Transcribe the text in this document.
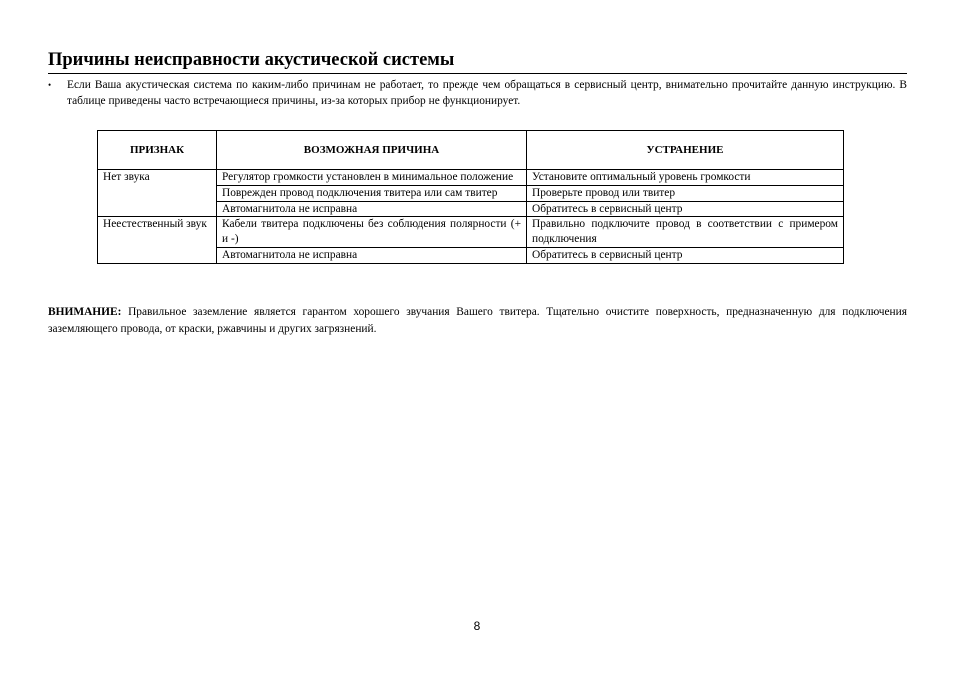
Причины неисправности акустической системы
• Если Ваша акустическая система по каким-либо причинам не работает, то прежде чем обращаться в сервисный центр, внимательно прочитайте данную инструкцию. В таблице приведены часто встречающиеся причины, из-за которых прибор не функционирует.
ПРИЗНАК	ВОЗМОЖНАЯ ПРИЧИНА	УСТРАНЕНИЕ
Нет звука	Регулятор громкости установлен в минимальное положение	Установите оптимальный уровень громкости
	Поврежден провод подключения твитера или сам твитер	Проверьте провод или твитер
	Автомагнитола не исправна	Обратитесь в сервисный центр
Неестественный звук	Кабели твитера подключены без соблюдения полярности (+ и -)	Правильно подключите провод в соответствии с примером подключения
	Автомагнитола не исправна	Обратитесь в сервисный центр
ВНИМАНИЕ: Правильное заземление является гарантом хорошего звучания Вашего твитера. Тщательно очистите поверхность, предназначенную для подключения заземляющего провода, от краски, ржавчины и других загрязнений.
8
